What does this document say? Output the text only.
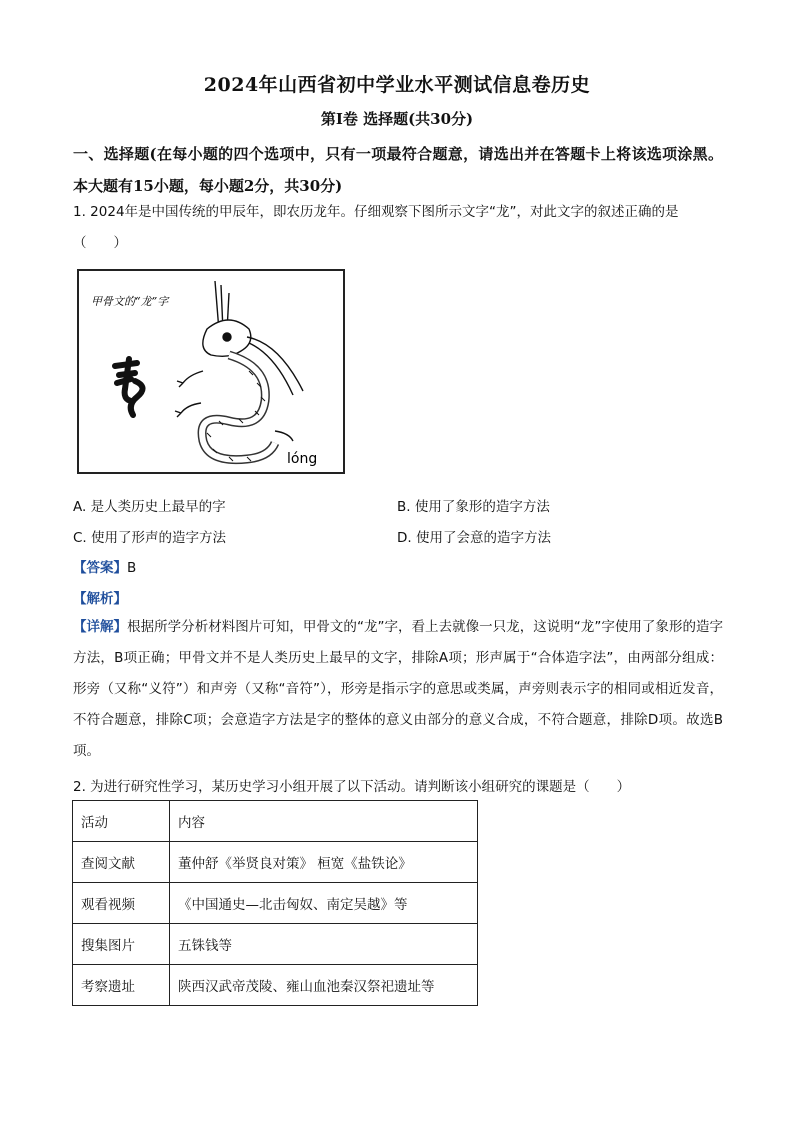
2024年山西省初中学业水平测试信息卷历史
第Ⅰ卷 选择题(共30分)
一、选择题(在每小题的四个选项中，只有一项最符合题意，请选出并在答题卡上将该选项涂黑。本大题有15小题，每小题2分，共30分)
1. 2024年是中国传统的甲辰年，即农历龙年。仔细观察下图所示文字“龙”，对此文字的叙述正确的是（　　）
甲骨文的“龙”字
lóng
A. 是人类历史上最早的字	B. 使用了象形的造字方法
C. 使用了形声的造字方法	D. 使用了会意的造字方法
【答案】B
【解析】
【详解】根据所学分析材料图片可知，甲骨文的“龙”字，看上去就像一只龙，这说明“龙”字使用了象形的造字方法，B项正确；甲骨文并不是人类历史上最早的文字，排除A项；形声属于“合体造字法”，由两部分组成：形旁（又称“义符”）和声旁（又称“音符”），形旁是指示字的意思或类属，声旁则表示字的相同或相近发音，不符合题意，排除C项；会意造字方法是字的整体的意义由部分的意义合成，不符合题意，排除D项。故选B项。
2. 为进行研究性学习，某历史学习小组开展了以下活动。请判断该小组研究的课题是（　　）
活动	内容
查阅文献	董仲舒《举贤良对策》 桓宽《盐铁论》
观看视频	《中国通史—北击匈奴、南定吴越》等
搜集图片	五铢钱等
考察遗址	陕西汉武帝茂陵、雍山血池秦汉祭祀遗址等
